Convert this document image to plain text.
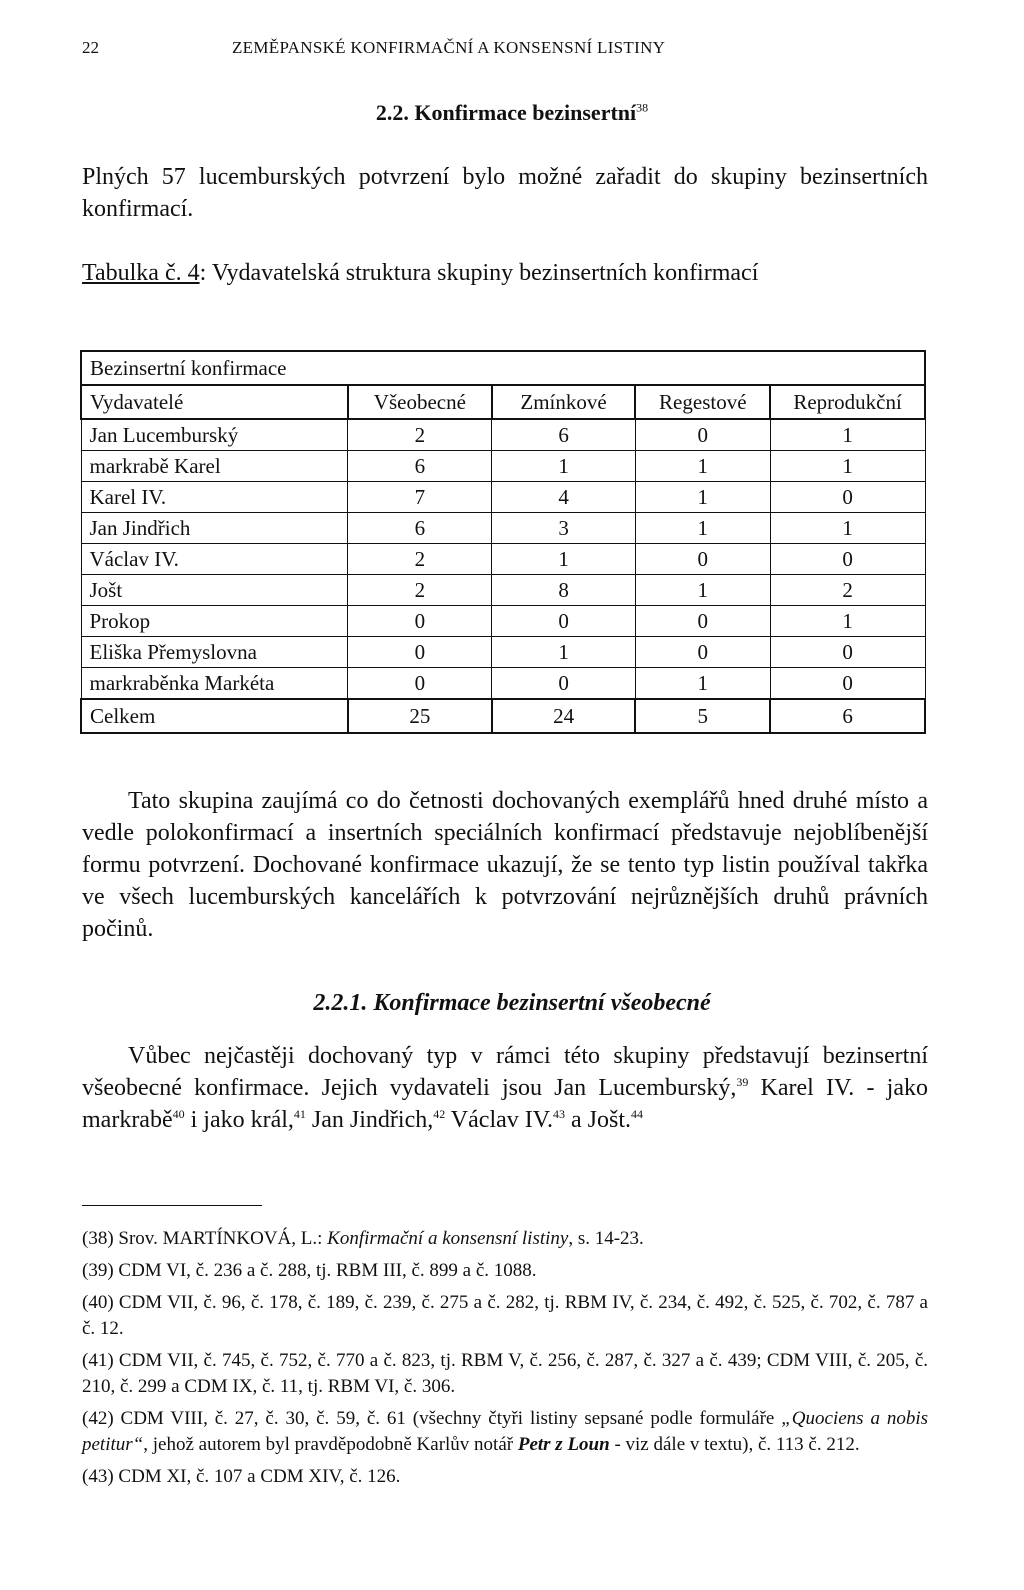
22	ZEMĚPANSKÉ KONFIRMAČNÍ A KONSENSNÍ LISTINY
2.2. Konfirmace bezinsertní$^{38}$

Plných 57 lucemburských potvrzení bylo možné zařadit do skupiny bezinsertních konfirmací.

Tabulka č. 4: Vydavatelská struktura skupiny bezinsertních konfirmací

Bezinsertní konfirmace				
Vydavatelé	Všeobecné	Zmínkové	Regestové	Reprodukční
Jan Lucemburský	2	6	0	1
markrabě Karel	6	1	1	1
Karel IV.	7	4	1	0
Jan Jindřich	6	3	1	1
Václav IV.	2	1	0	0
Jošt	2	8	1	2
Prokop	0	0	0	1
Eliška Přemyslovna	0	1	0	0
markraběnka Markéta	0	0	1	0
Celkem	25	24	5	6

Tato skupina zaujímá co do četnosti dochovaných exemplářů hned druhé místo a vedle polokonfirmací a insertních speciálních konfirmací představuje nejoblíbenější formu potvrzení. Dochované konfirmace ukazují, že se tento typ listin používal takřka ve všech lucemburských kancelářích k potvrzování nejrůznějších druhů právních počinů.

2.2.1. Konfirmace bezinsertní všeobecné

Vůbec nejčastěji dochovaný typ v rámci této skupiny představují bezinsertní všeobecné konfirmace. Jejich vydavateli jsou Jan Lucemburský,$^{39}$ Karel IV. - jako markrabě$^{40}$ i jako král,$^{41}$ Jan Jindřich,$^{42}$ Václav IV.$^{43}$ a Jošt.$^{44}$

(38) Srov. MARTÍNKOVÁ, L.: Konfirmační a konsensní listiny, s. 14-23.

(39) CDM VI, č. 236 a č. 288, tj. RBM III, č. 899 a č. 1088.

(40) CDM VII, č. 96, č. 178, č. 189, č. 239, č. 275 a č. 282, tj. RBM IV, č. 234, č. 492, č. 525, č. 702, č. 787 a č. 12.

(41) CDM VII, č. 745, č. 752, č. 770 a č. 823, tj. RBM V, č. 256, č. 287, č. 327 a č. 439; CDM VIII, č. 205, č. 210, č. 299 a CDM IX, č. 11, tj. RBM VI, č. 306.

(42) CDM VIII, č. 27, č. 30, č. 59, č. 61 (všechny čtyři listiny sepsané podle formuláře „Quociens a nobis petitur“, jehož autorem byl pravděpodobně Karlův notář Petr z Loun - viz dále v textu), č. 113 č. 212.

(43) CDM XI, č. 107 a CDM XIV, č. 126.
